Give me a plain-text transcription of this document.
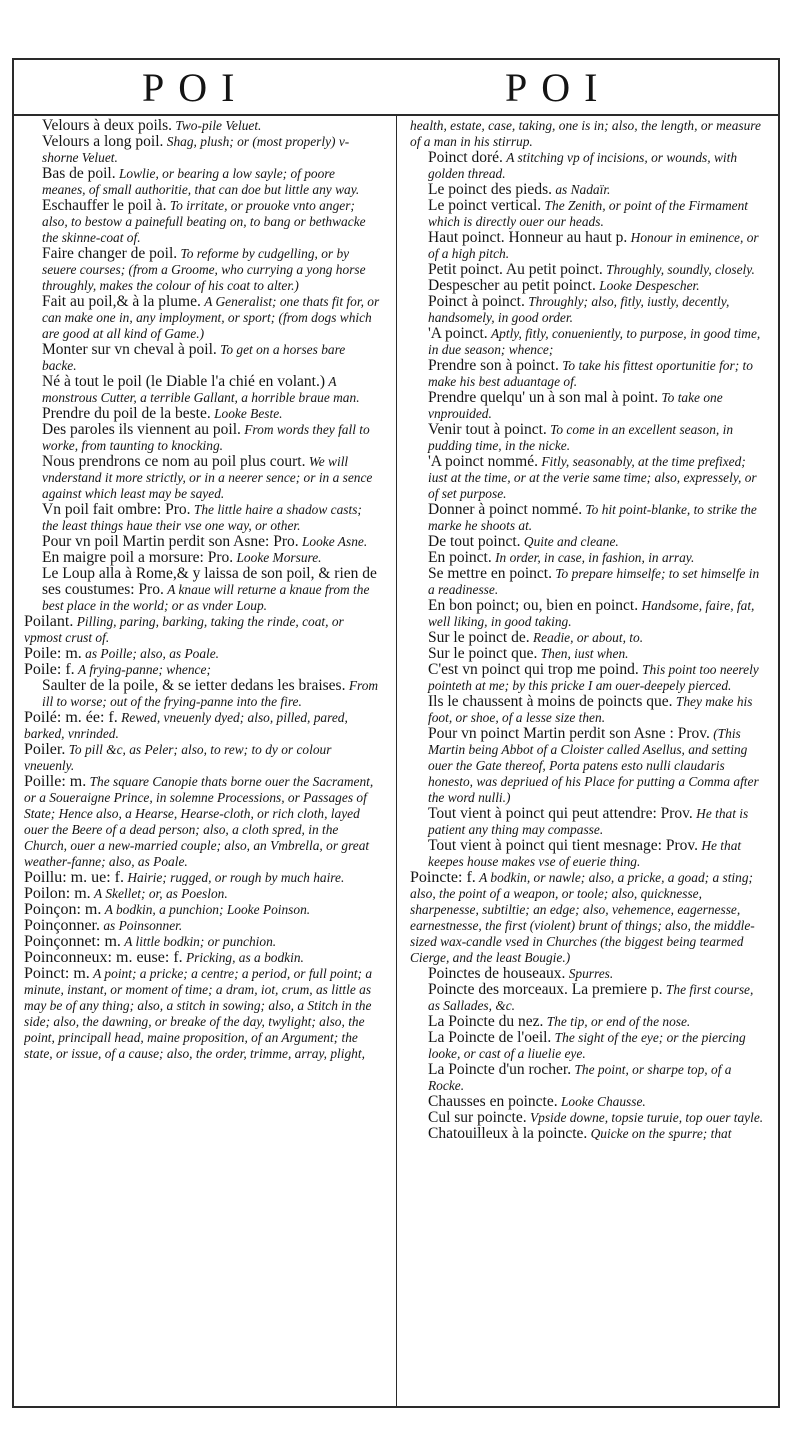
POI	POI

Velours à deux poils. Two-pile Veluet.

Velours a long poil. Shag, plush; or (most properly) v-shorne Veluet.

Bas de poil. Lowlie, or bearing a low sayle; of poore meanes, of small authoritie, that can doe but little any way.

Eschauffer le poil à. To irritate, or prouoke vnto anger; also, to bestow a painefull beating on, to bang or bethwacke the skinne-coat of.

Faire changer de poil. To reforme by cudgelling, or by seuere courses; (from a Groome, who currying a yong horse throughly, makes the colour of his coat to alter.)

Fait au poil,& à la plume. A Generalist; one thats fit for, or can make one in, any imployment, or sport; (from dogs which are good at all kind of Game.)

Monter sur vn cheval à poil. To get on a horses bare backe.

Né à tout le poil (le Diable l'a chié en volant.) A monstrous Cutter, a terrible Gallant, a horrible braue man.

Prendre du poil de la beste. Looke Beste.

Des paroles ils viennent au poil. From words they fall to worke, from taunting to knocking.

Nous prendrons ce nom au poil plus court. We will vnderstand it more strictly, or in a neerer sence; or in a sence against which least may be sayed.

Vn poil fait ombre: Pro. The little haire a shadow casts; the least things haue their vse one way, or other.

Pour vn poil Martin perdit son Asne: Pro. Looke Asne.

En maigre poil a morsure: Pro. Looke Morsure.

Le Loup alla à Rome,& y laissa de son poil, & rien de ses coustumes: Pro. A knaue will returne a knaue from the best place in the world; or as vnder Loup.

Poilant. Pilling, paring, barking, taking the rinde, coat, or vpmost crust of.

Poile: m. as Poille; also, as Poale.

Poile: f. A frying-panne; whence;

Saulter de la poile, & se ietter dedans les braises. From ill to worse; out of the frying-panne into the fire.

Poilé: m. ée: f. Rewed, vneuenly dyed; also, pilled, pared, barked, vnrinded.

Poiler. To pill &c, as Peler; also, to rew; to dy or colour vneuenly.

Poille: m. The square Canopie thats borne ouer the Sacrament, or a Soueraigne Prince, in solemne Processions, or Passages of State; Hence also, a Hearse, Hearse-cloth, or rich cloth, layed ouer the Beere of a dead person; also, a cloth spred, in the Church, ouer a new-married couple; also, an Vmbrella, or great weather-fanne; also, as Poale.

Poillu: m. ue: f. Hairie; rugged, or rough by much haire.

Poilon: m. A Skellet; or, as Poeslon.

Poinçon: m. A bodkin, a punchion; Looke Poinson.

Poinçonner. as Poinsonner.

Poinçonnet: m. A little bodkin; or punchion.

Poinconneux: m. euse: f. Pricking, as a bodkin.

Poinct: m. A point; a pricke; a centre; a period, or full point; a minute, instant, or moment of time; a dram, iot, crum, as little as may be of any thing; also, a stitch in sowing; also, a Stitch in the side; also, the dawning, or breake of the day, twylight; also, the point, principall head, maine proposition, of an Argument; the state, or issue, of a cause; also, the order, trimme, array, plight,

health, estate, case, taking, one is in; also, the length, or measure of a man in his stirrup.

Poinct doré. A stitching vp of incisions, or wounds, with golden thread.

Le poinct des pieds. as Nadaïr.

Le poinct vertical. The Zenith, or point of the Firmament which is directly ouer our heads.

Haut poinct. Honneur au haut p. Honour in eminence, or of a high pitch.

Petit poinct. Au petit poinct. Throughly, soundly, closely.

Despescher au petit poinct. Looke Despescher.

Poinct à poinct. Throughly; also, fitly, iustly, decently, handsomely, in good order.

'A poinct. Aptly, fitly, conueniently, to purpose, in good time, in due season; whence;

Prendre son à poinct. To take his fittest oportunitie for; to make his best aduantage of.

Prendre quelqu' un à son mal à point. To take one vnprouided.

Venir tout à poinct. To come in an excellent season, in pudding time, in the nicke.

'A poinct nommé. Fitly, seasonably, at the time prefixed; iust at the time, or at the verie same time; also, expressely, or of set purpose.

Donner à poinct nommé. To hit point-blanke, to strike the marke he shoots at.

De tout poinct. Quite and cleane.

En poinct. In order, in case, in fashion, in array.

Se mettre en poinct. To prepare himselfe; to set himselfe in a readinesse.

En bon poinct; ou, bien en poinct. Handsome, faire, fat, well liking, in good taking.

Sur le poinct de. Readie, or about, to.

Sur le poinct que. Then, iust when.

C'est vn poinct qui trop me poind. This point too neerely pointeth at me; by this pricke I am ouer-deepely pierced.

Ils le chaussent à moins de poincts que. They make his foot, or shoe, of a lesse size then.

Pour vn poinct Martin perdit son Asne : Prov. (This Martin being Abbot of a Cloister called Asellus, and setting ouer the Gate thereof, Porta patens esto nulli claudaris honesto, was depriued of his Place for putting a Comma after the word nulli.)

Tout vient à poinct qui peut attendre: Prov. He that is patient any thing may compasse.

Tout vient à poinct qui tient mesnage: Prov. He that keepes house makes vse of euerie thing.

Poincte: f. A bodkin, or nawle; also, a pricke, a goad; a sting; also, the point of a weapon, or toole; also, quicknesse, sharpenesse, subtiltie; an edge; also, vehemence, eagernesse, earnestnesse, the first (violent) brunt of things; also, the middle-sized wax-candle vsed in Churches (the biggest being tearmed Cierge, and the least Bougie.)

Poinctes de houseaux. Spurres.

Poincte des morceaux. La premiere p. The first course, as Sallades, &c.

La Poincte du nez. The tip, or end of the nose.

La Poincte de l'oeil. The sight of the eye; or the piercing looke, or cast of a liuelie eye.

La Poincte d'un rocher. The point, or sharpe top, of a Rocke.

Chausses en poincte. Looke Chausse.

Cul sur poincte. Vpside downe, topsie turuie, top ouer tayle.

Chatouilleux à la poincte. Quicke on the spurre; that
